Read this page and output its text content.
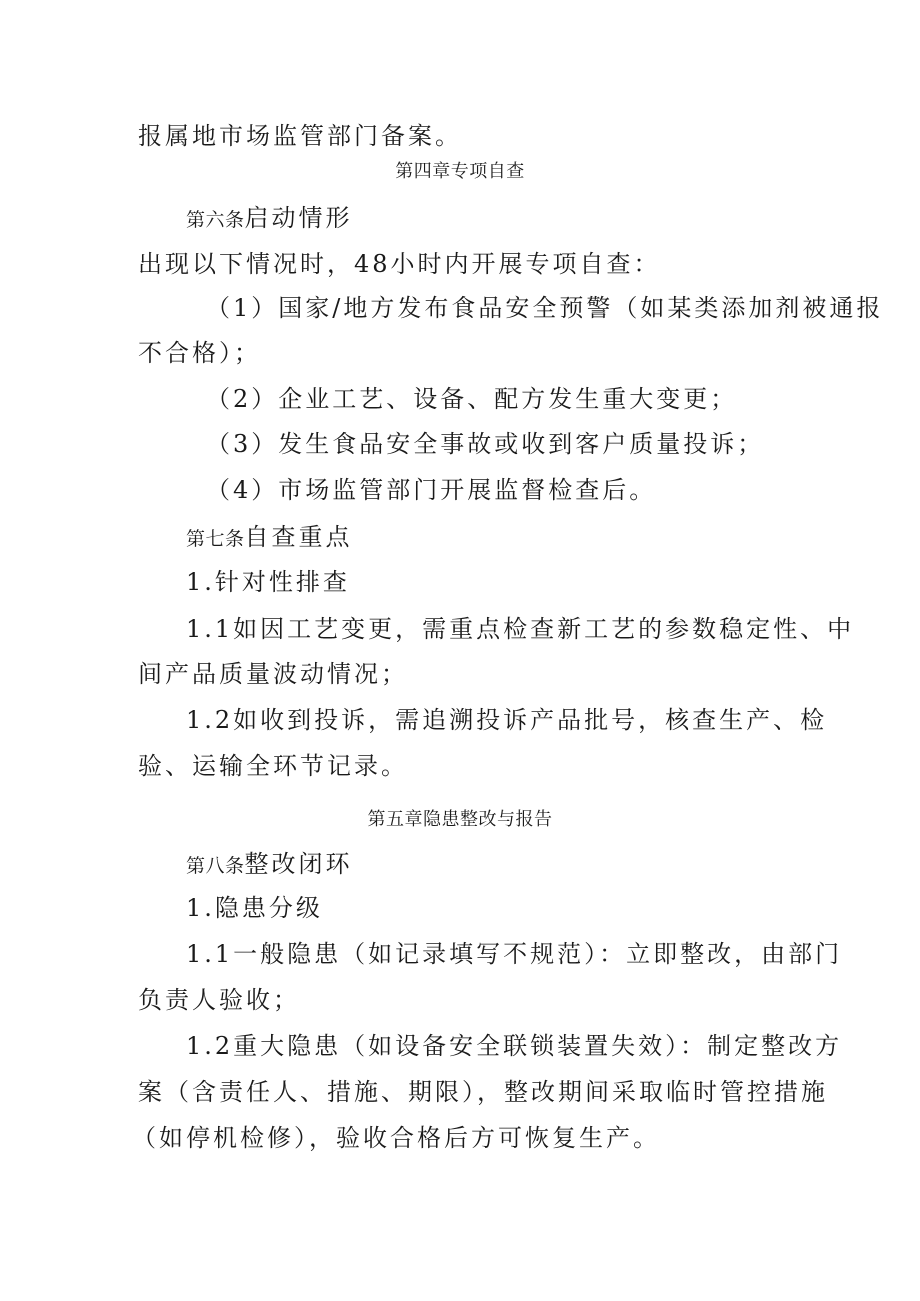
报属地市场监管部门备案。
第四章专项自查
第六条启动情形
出现以下情况时，48小时内开展专项自查：
（1）国家/地方发布食品安全预警（如某类添加剂被通报
不合格）；
（2）企业工艺、设备、配方发生重大变更；
（3）发生食品安全事故或收到客户质量投诉；
（4）市场监管部门开展监督检查后。
第七条自查重点
1.针对性排查
1.1如因工艺变更，需重点检查新工艺的参数稳定性、中
间产品质量波动情况；
1.2如收到投诉，需追溯投诉产品批号，核查生产、检
验、运输全环节记录。
第五章隐患整改与报告
第八条整改闭环
1.隐患分级
1.1一般隐患（如记录填写不规范）：立即整改，由部门
负责人验收；
1.2重大隐患（如设备安全联锁装置失效）：制定整改方
案（含责任人、措施、期限），整改期间采取临时管控措施
（如停机检修），验收合格后方可恢复生产。
